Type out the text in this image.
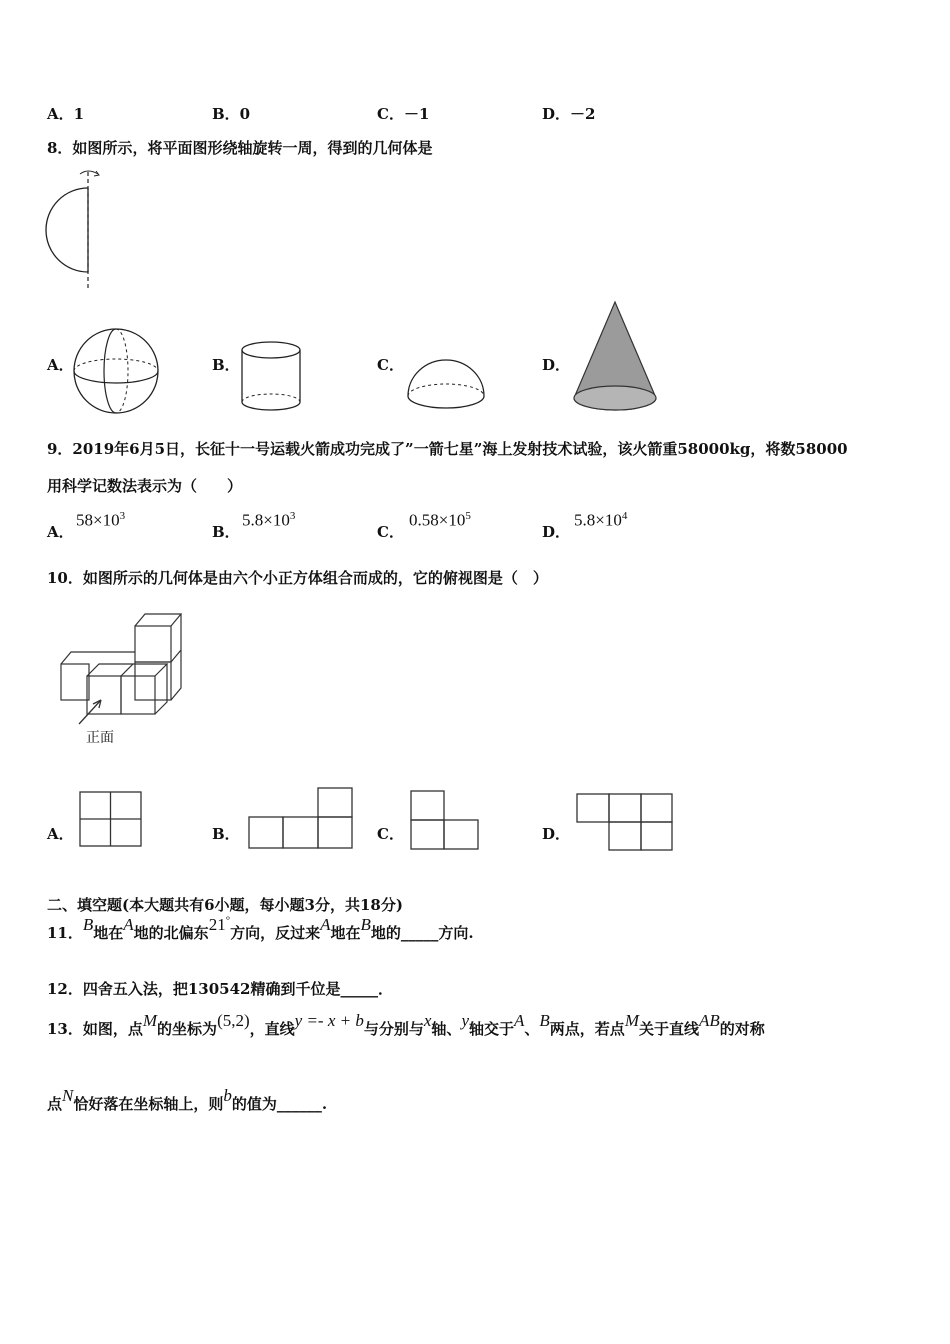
A．1	B．0	C．－1	D．－2
8．如图所示，将平面图形绕轴旋转一周，得到的几何体是
A．	B．	C．	D．
9．2019年6月5日，长征十一号运载火箭成功完成了”一箭七星”海上发射技术试验，该火箭重58000kg，将数58000
用科学记数法表示为（　　）
A．
$58\times 10^3$
B．
$5.8\times 10^3$
C．
$0.58\times 10^5$
D．
$5.8\times 10^4$
10．如图所示的几何体是由六个小正方体组合而成的，它的俯视图是（　）
正面
A．	B．	C．	D．
二、填空题(本大题共有6小题，每小题3分，共18分)
11．B地在A地的北偏东21°方向，反过来A地在B地的_____方向.
12．四舍五入法，把130542精确到千位是_____．
13．如图，点M的坐标为(5,2)，直线y =- x + b与分别与x轴、y轴交于A、B两点，若点M关于直线AB的对称
点N恰好落在坐标轴上，则b的值为______.
